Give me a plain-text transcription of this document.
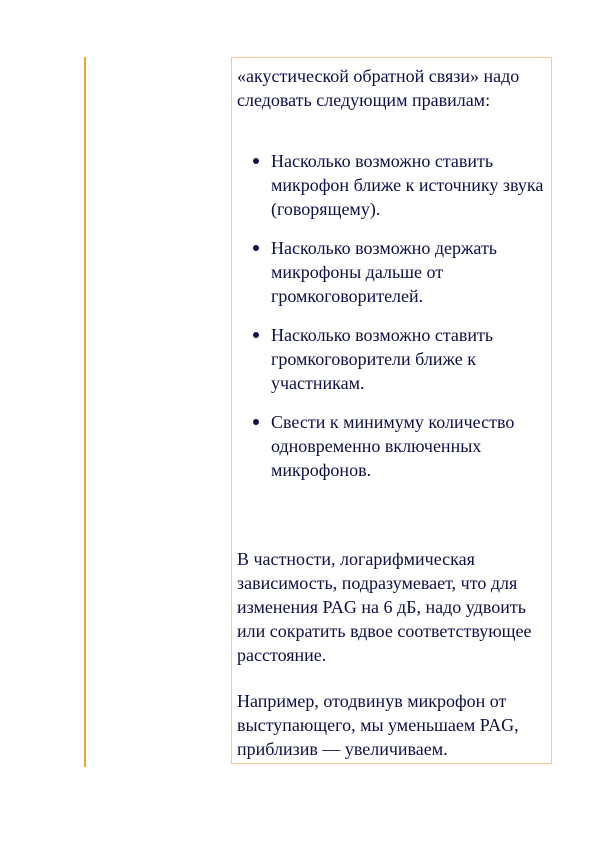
«акустической обратной связи» надо следовать следующим правилам:

Насколько возможно ставить микрофон ближе к источнику звука (говорящему).
Насколько возможно держать микрофоны дальше от громкоговорителей.
Насколько возможно ставить громкоговорители ближе к участникам.
Свести к минимуму количество одновременно включенных микрофонов.

В частности, логарифмическая зависимость, подразумевает, что для изменения PAG на 6 дБ, надо удвоить или сократить вдвое соответствующее расстояние.

Например, отодвинув микрофон от выступающего, мы уменьшаем PAG, приблизив — увеличиваем.
